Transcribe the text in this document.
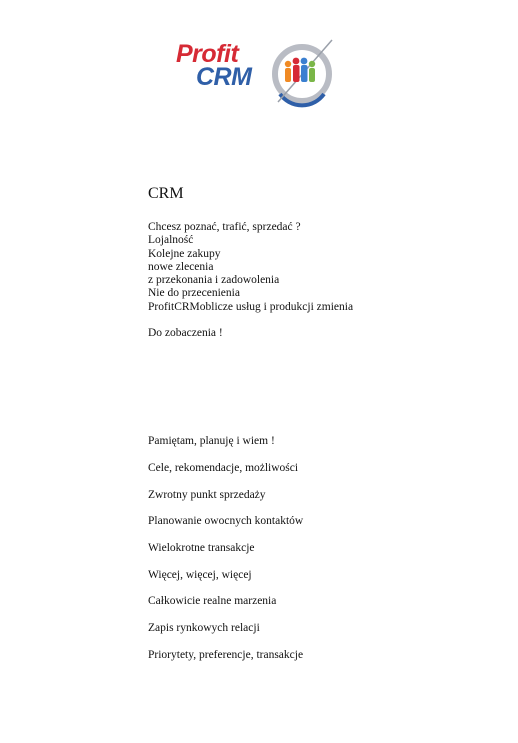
Profit
CRM
CRM
Chcesz poznać, trafić, sprzedać ?
Lojalność
Kolejne zakupy
nowe zlecenia
z przekonania i zadowolenia
Nie do przecenienia
ProfitCRMoblicze usług i produkcji zmienia
Do zobaczenia !
Pamiętam, planuję i wiem !
Cele, rekomendacje, możliwości
Zwrotny punkt sprzedaży
Planowanie owocnych kontaktów
Wielokrotne transakcje
Więcej, więcej, więcej
Całkowicie realne marzenia
Zapis rynkowych relacji
Priorytety, preferencje, transakcje
